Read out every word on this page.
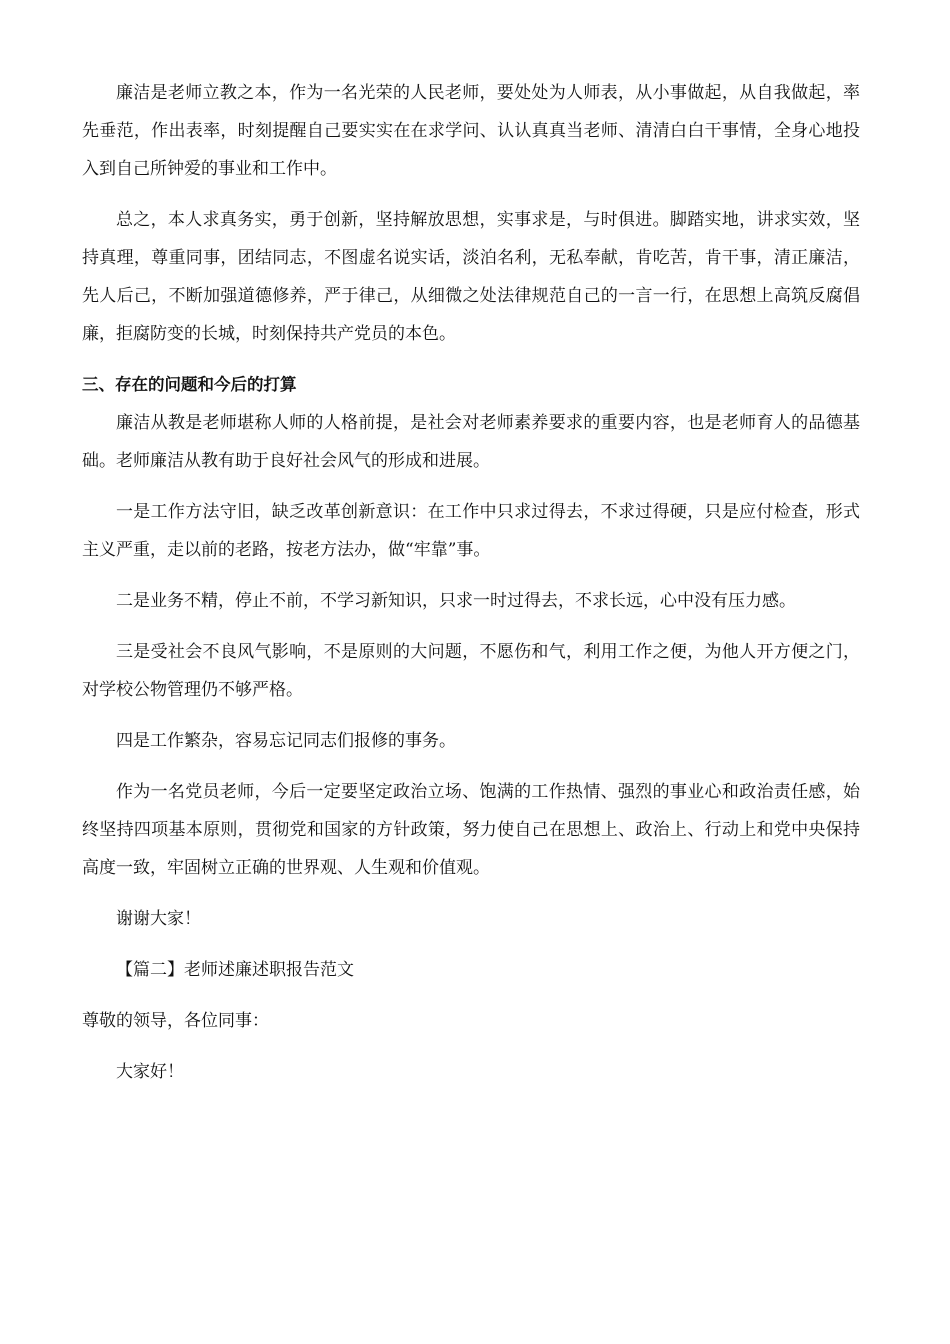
廉洁是老师立教之本，作为一名光荣的人民老师，要处处为人师表，从小事做起，从自我做起，率先垂范，作出表率，时刻提醒自己要实实在在求学问、认认真真当老师、清清白白干事情，全身心地投入到自己所钟爱的事业和工作中。

总之，本人求真务实，勇于创新，坚持解放思想，实事求是，与时俱进。脚踏实地，讲求实效，坚持真理，尊重同事，团结同志，不图虚名说实话，淡泊名利，无私奉献，肯吃苦，肯干事，清正廉洁，先人后己，不断加强道德修养，严于律己，从细微之处法律规范自己的一言一行，在思想上高筑反腐倡廉，拒腐防变的长城，时刻保持共产党员的本色。

三、存在的问题和今后的打算

廉洁从教是老师堪称人师的人格前提，是社会对老师素养要求的重要内容，也是老师育人的品德基础。老师廉洁从教有助于良好社会风气的形成和进展。

一是工作方法守旧，缺乏改革创新意识：在工作中只求过得去，不求过得硬，只是应付检查，形式主义严重，走以前的老路，按老方法办，做“牢靠”事。

二是业务不精，停止不前，不学习新知识，只求一时过得去，不求长远，心中没有压力感。

三是受社会不良风气影响，不是原则的大问题，不愿伤和气，利用工作之便，为他人开方便之门，对学校公物管理仍不够严格。

四是工作繁杂，容易忘记同志们报修的事务。

作为一名党员老师，今后一定要坚定政治立场、饱满的工作热情、强烈的事业心和政治责任感，始终坚持四项基本原则，贯彻党和国家的方针政策，努力使自己在思想上、政治上、行动上和党中央保持高度一致，牢固树立正确的世界观、人生观和价值观。

谢谢大家！

【篇二】老师述廉述职报告范文

尊敬的领导，各位同事：

大家好！
